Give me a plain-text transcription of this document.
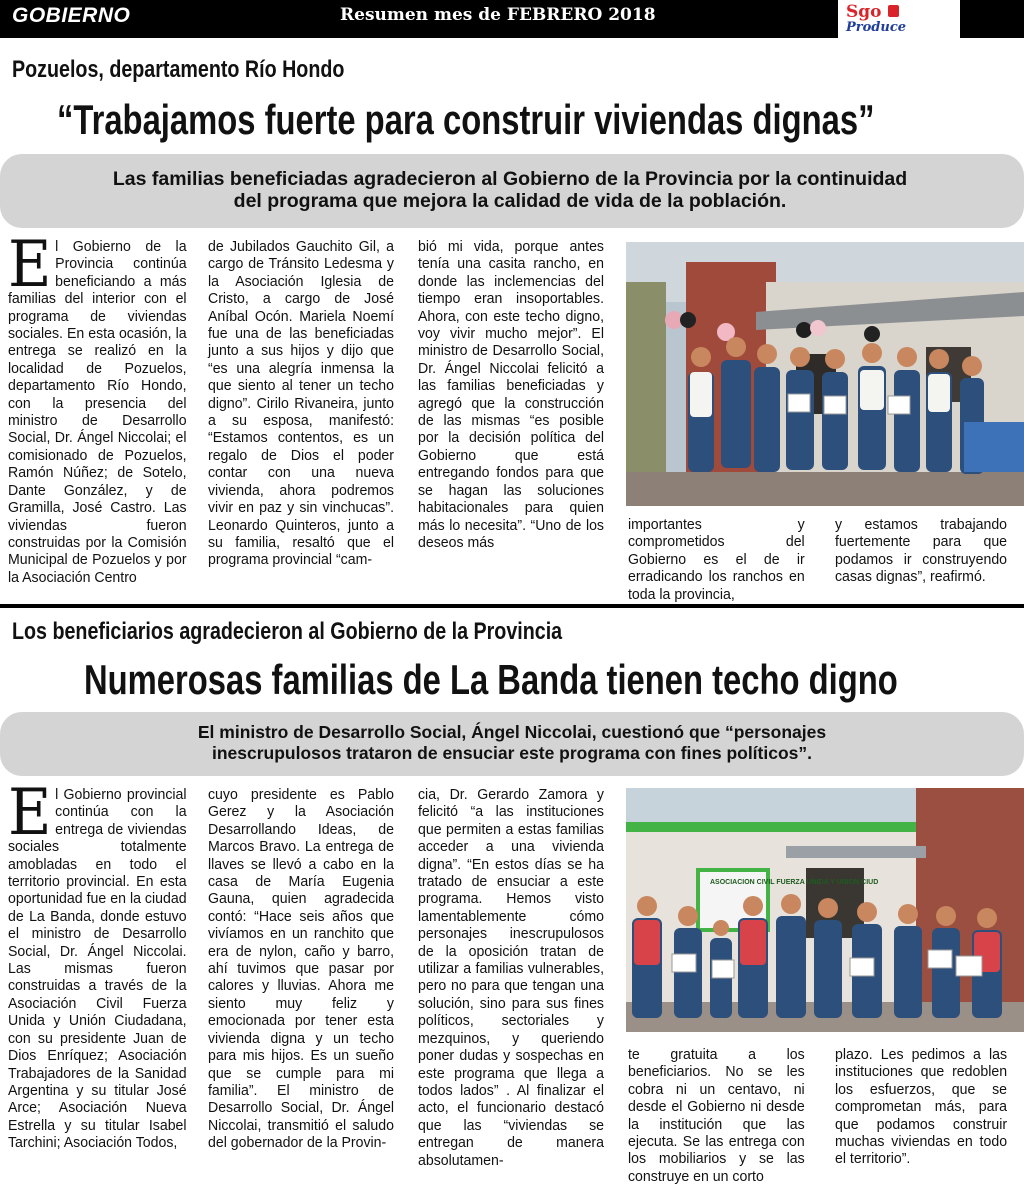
GOBIERNO	Resumen mes de FEBRERO 2018	Sgo
Produce	13
Pozuelos, departamento Río Hondo
“Trabajamos fuerte para construir viviendas dignas”
Las familias beneficiadas agradecieron al Gobierno de la Provincia por la continuidad del programa que mejora la calidad de vida de la población.
El Gobierno de la Provincia continúa beneficiando a más familias del interior con el programa de viviendas sociales. En esta ocasión, la entrega se realizó en la localidad de Pozuelos, departamento Río Hondo, con la presencia del ministro de Desarrollo Social, Dr. Ángel Niccolai; el comisionado de Pozuelos, Ramón Núñez; de Sotelo, Dante González, y de Gramilla, José Castro. Las viviendas fueron construidas por la Comisión Municipal de Pozuelos y por la Asociación Centro
de Jubilados Gauchito Gil, a cargo de Tránsito Ledesma y la Asociación Iglesia de Cristo, a cargo de José Aníbal Ocón. Mariela Noemí fue una de las beneficiadas junto a sus hijos y dijo que “es una alegría inmensa la que siento al tener un techo digno”. Cirilo Rivaneira, junto a su esposa, manifestó: “Estamos contentos, es un regalo de Dios el poder contar con una nueva vivienda, ahora podremos vivir en paz y sin vinchucas”. Leonardo Quinteros, junto a su familia, resaltó que el programa provincial “cam-
bió mi vida, porque antes tenía una casita rancho, en donde las inclemencias del tiempo eran insoportables. Ahora, con este techo digno, voy vivir mucho mejor”. El ministro de Desarrollo Social, Dr. Ángel Niccolai felicitó a las familias beneficiadas y agregó que la construcción de las mismas “es posible por la decisión política del Gobierno que está entregando fondos para que se hagan las soluciones habitacionales para quien más lo necesita”. “Uno de los deseos más
importantes y comprometidos del Gobierno es el de ir erradicando los ranchos en toda la provincia,
y estamos trabajando fuertemente para que podamos ir construyendo casas dignas”, reafirmó.
Los beneficiarios agradecieron al Gobierno de la Provincia
Numerosas familias de La Banda tienen techo digno
El ministro de Desarrollo Social, Ángel Niccolai, cuestionó que “personajes inescrupulosos trataron de ensuciar este programa con fines políticos”.
El Gobierno provincial continúa con la entrega de viviendas sociales totalmente amobladas en todo el territorio provincial. En esta oportunidad fue en la ciudad de La Banda, donde estuvo el ministro de Desarrollo Social, Dr. Ángel Niccolai. Las mismas fueron construidas a través de la Asociación Civil Fuerza Unida y Unión Ciudadana, con su presidente Juan de Dios Enríquez; Asociación Trabajadores de la Sanidad Argentina y su titular José Arce; Asociación Nueva Estrella y su titular Isabel Tarchini; Asociación Todos,
cuyo presidente es Pablo Gerez y la Asociación Desarrollando Ideas, de Marcos Bravo. La entrega de llaves se llevó a cabo en la casa de María Eugenia Gauna, quien agradecida contó: “Hace seis años que vivíamos en un ranchito que era de nylon, caño y barro, ahí tuvimos que pasar por calores y lluvias. Ahora me siento muy feliz y emocionada por tener esta vivienda digna y un techo para mis hijos. Es un sueño que se cumple para mi familia”. El ministro de Desarrollo Social, Dr. Ángel Niccolai, transmitió el saludo del gobernador de la Provin-
cia, Dr. Gerardo Zamora y felicitó “a las instituciones que permiten a estas familias acceder a una vivienda digna”. “En estos días se ha tratado de ensuciar a este programa. Hemos visto lamentablemente cómo personajes inescrupulosos de la oposición tratan de utilizar a familias vulnerables, pero no para que tengan una solución, sino para sus fines políticos, sectoriales y mezquinos, y queriendo poner dudas y sospechas en este programa que llega a todos lados” . Al finalizar el acto, el funcionario destacó que las “viviendas se entregan de manera absolutamen-
ASOCIACION CIVIL FUERZA UNIDA Y UNION CIUD
te gratuita a los beneficiarios. No se les cobra ni un centavo, ni desde el Gobierno ni desde la institución que las ejecuta. Se las entrega con los mobiliarios y se las construye en un corto
plazo. Les pedimos a las instituciones que redoblen los esfuerzos, que se comprometan más, para que podamos construir muchas viviendas en todo el territorio”.
